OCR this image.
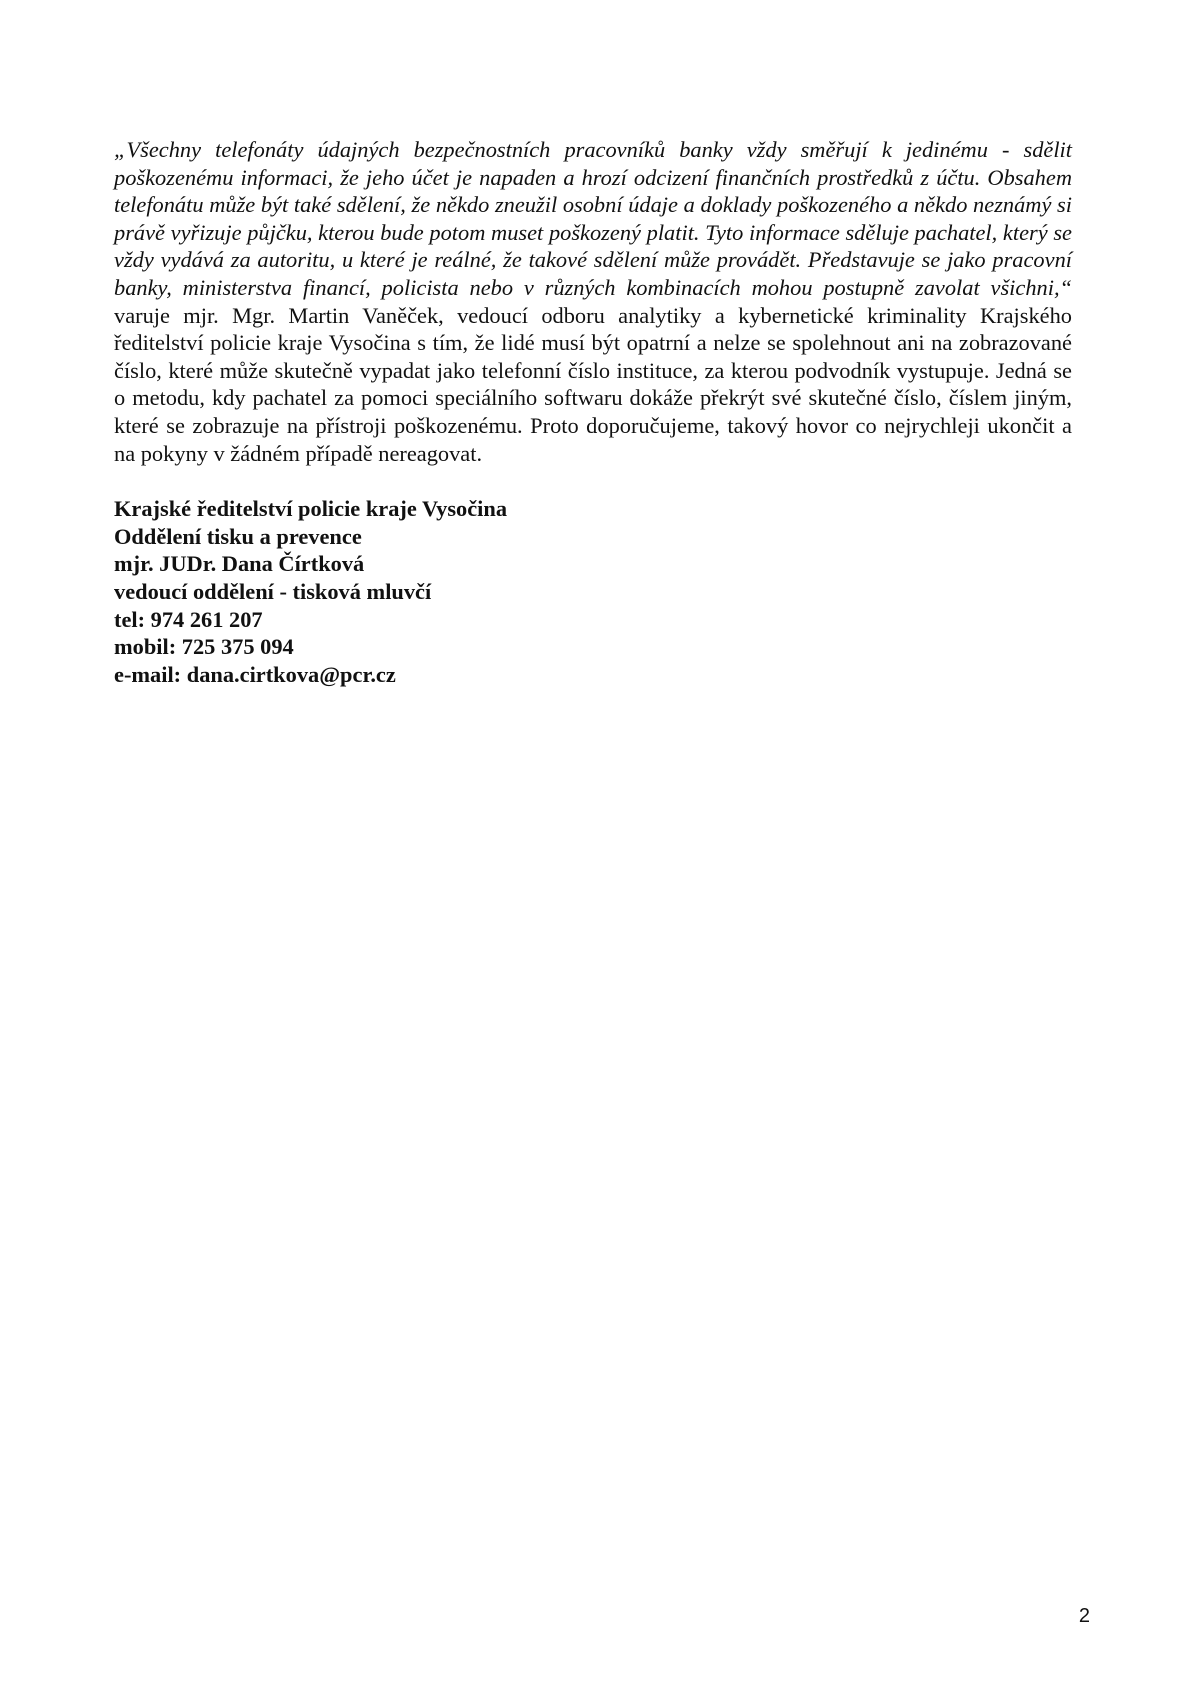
„Všechny telefonáty údajných bezpečnostních pracovníků banky vždy směřují k jedinému - sdělit poškozenému informaci, že jeho účet je napaden a hrozí odcizení finančních prostředků z účtu. Obsahem telefonátu může být také sdělení, že někdo zneužil osobní údaje a doklady poškozeného a někdo neznámý si právě vyřizuje půjčku, kterou bude potom muset poškozený platit. Tyto informace sděluje pachatel, který se vždy vydává za autoritu, u které je reálné, že takové sdělení může provádět. Představuje se jako pracovní banky, ministerstva financí, policista nebo v různých kombinacích mohou postupně zavolat všichni,“ varuje mjr. Mgr. Martin Vaněček, vedoucí odboru analytiky a kybernetické kriminality Krajského ředitelství policie kraje Vysočina s tím, že lidé musí být opatrní a nelze se spolehnout ani na zobrazované číslo, které může skutečně vypadat jako telefonní číslo instituce, za kterou podvodník vystupuje. Jedná se o metodu, kdy pachatel za pomoci speciálního softwaru dokáže překrýt své skutečné číslo, číslem jiným, které se zobrazuje na přístroji poškozenému. Proto doporučujeme, takový hovor co nejrychleji ukončit a na pokyny v žádném případě nereagovat.

Krajské ředitelství policie kraje Vysočina
Oddělení tisku a prevence
mjr. JUDr. Dana Čírtková
vedoucí oddělení - tisková mluvčí
tel: 974 261 207
mobil: 725 375 094
e-mail: dana.cirtkova@pcr.cz
2
